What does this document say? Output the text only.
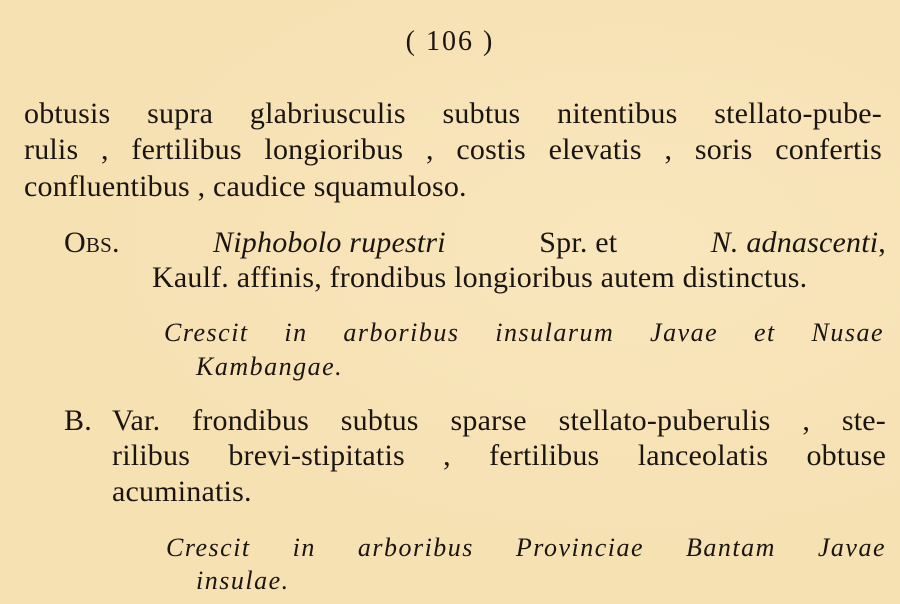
( 106 )
obtusis supra glabriusculis subtus nitentibus stellato-pube-
rulis , fertilibus longioribus , costis elevatis , soris confertis
confluentibus , caudice squamuloso.
Obs.	Niphobolo rupestri	Spr. et	N. adnascenti,
Kaulf. affinis, frondibus longioribus autem distinctus.
Crescit in arboribus insularum Javae et Nusae
Kambangae.
B. Var. frondibus subtus sparse stellato-puberulis , ste-
rilibus brevi-stipitatis , fertilibus lanceolatis obtuse
acuminatis.
Crescit in arboribus Provinciae Bantam Javae
insulae.
